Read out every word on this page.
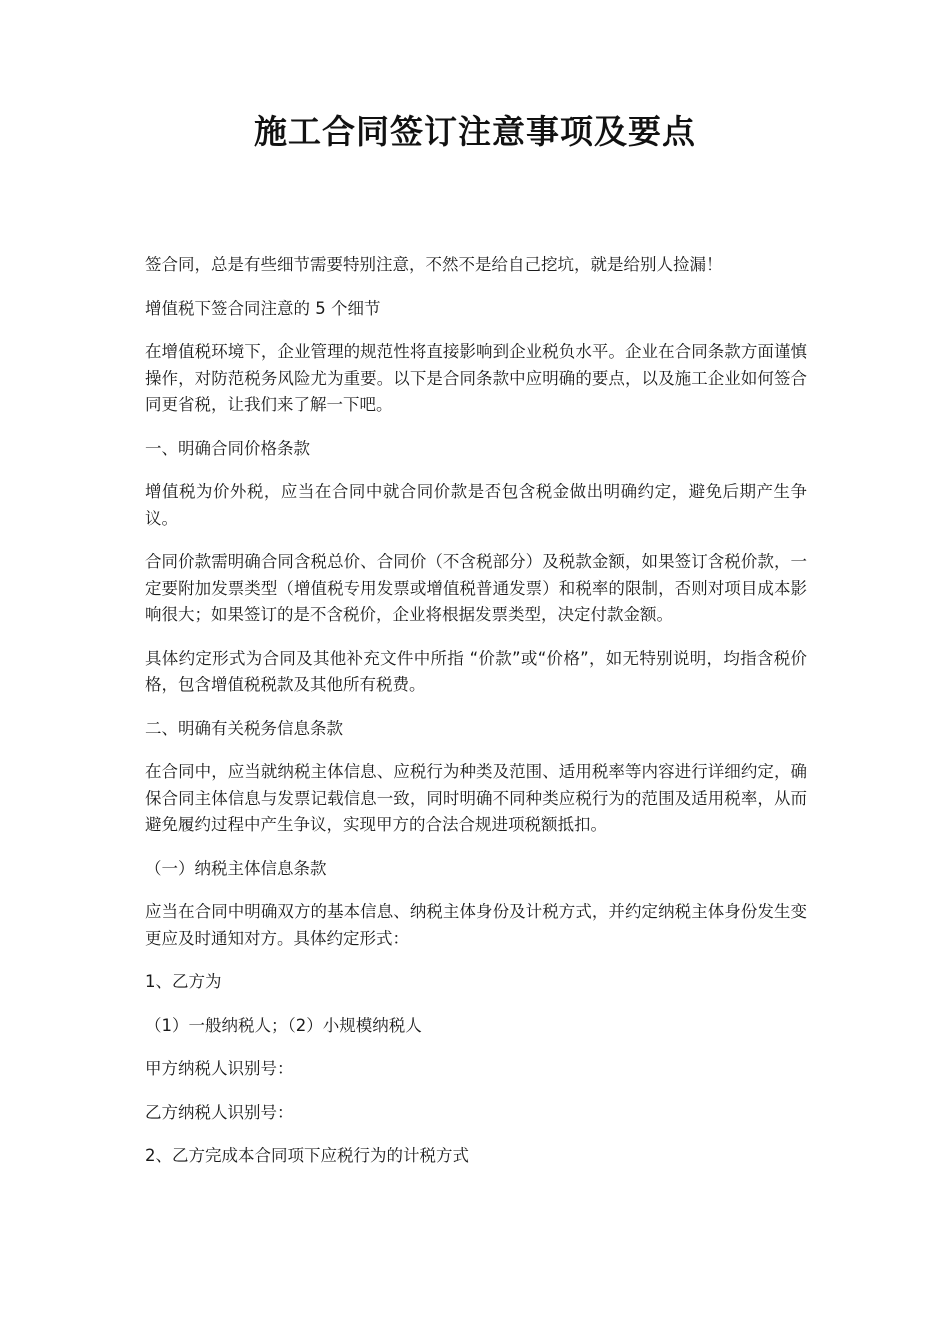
施工合同签订注意事项及要点

签合同，总是有些细节需要特别注意，不然不是给自己挖坑，就是给别人捡漏！

增值税下签合同注意的 5 个细节

在增值税环境下，企业管理的规范性将直接影响到企业税负水平。企业在合同条款方面谨慎操作，对防范税务风险尤为重要。以下是合同条款中应明确的要点，以及施工企业如何签合同更省税，让我们来了解一下吧。

一、明确合同价格条款

增值税为价外税，应当在合同中就合同价款是否包含税金做出明确约定，避免后期产生争议。

合同价款需明确合同含税总价、合同价（不含税部分）及税款金额，如果签订含税价款，一定要附加发票类型（增值税专用发票或增值税普通发票）和税率的限制，否则对项目成本影响很大；如果签订的是不含税价，企业将根据发票类型，决定付款金额。

具体约定形式为合同及其他补充文件中所指 “价款”或“价格”，如无特别说明，均指含税价格，包含增值税税款及其他所有税费。

二、明确有关税务信息条款

在合同中，应当就纳税主体信息、应税行为种类及范围、适用税率等内容进行详细约定，确保合同主体信息与发票记载信息一致，同时明确不同种类应税行为的范围及适用税率，从而避免履约过程中产生争议，实现甲方的合法合规进项税额抵扣。

（一）纳税主体信息条款

应当在合同中明确双方的基本信息、纳税主体身份及计税方式，并约定纳税主体身份发生变更应及时通知对方。具体约定形式：

1、乙方为

（1）一般纳税人；（2）小规模纳税人

甲方纳税人识别号：

乙方纳税人识别号：

2、乙方完成本合同项下应税行为的计税方式
